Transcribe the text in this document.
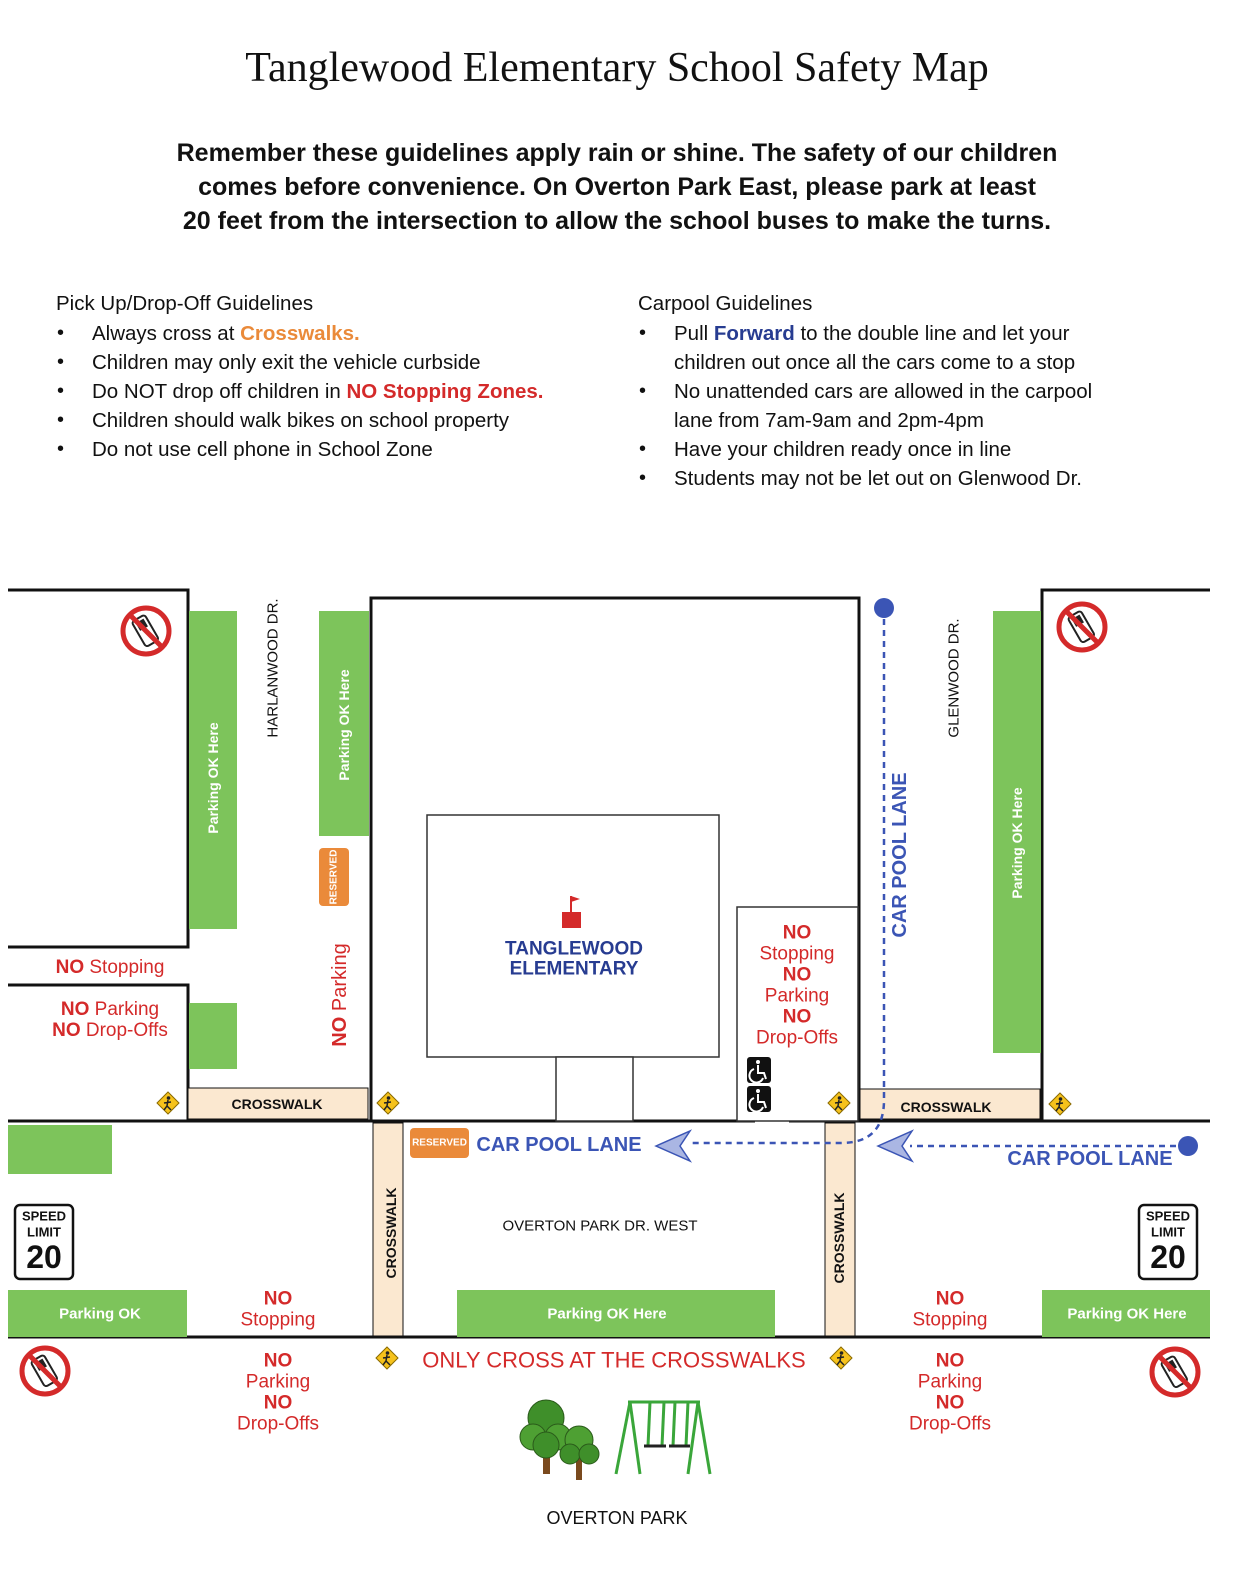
Tanglewood Elementary School Safety Map
Remember these guidelines apply rain or shine. The safety of our children
comes before convenience. On Overton Park East, please park at least
20 feet from the intersection to allow the school buses to make the turns.
Pick Up/Drop-Off Guidelines
• Always cross at Crosswalks.
• Children may only exit the vehicle curbside
• Do NOT drop off children in NO Stopping Zones.
• Children should walk bikes on school property
• Do not use cell phone in School Zone
Carpool Guidelines
• Pull Forward to the double line and let your
children out once all the cars come to a stop
• No unattended cars are allowed in the carpool
lane from 7am-9am and 2pm-4pm
• Have your children ready once in line
• Students may not be let out on Glenwood Dr.
RESERVED
RESERVED
HARLANWOOD DR.	GLENWOOD DR.
OVERTON PARK DR. WEST
OVERTON PARK
CROSSWALK	CROSSWALK
CROSSWALK	CROSSWALK
Parking OK Here	Parking OK Here
Parking OK Here
Parking OK	Parking OK Here	Parking OK Here
TANGLEWOOD
ELEMENTARY
CAR POOL LANE
CAR POOL LANE
CAR POOL LANE
NO Stopping
NO Parking
NO Drop-Offs	NO Parking
NO
Stopping
NO
Parking
NO
Drop-Offs
NO
Stopping
NO
Parking
NO
Drop-Offs
NO
Stopping
NO
Parking
NO
Drop-Offs
ONLY CROSS AT THE CROSSWALKS
SPEED
LIMIT
20
SPEED
LIMIT
20
